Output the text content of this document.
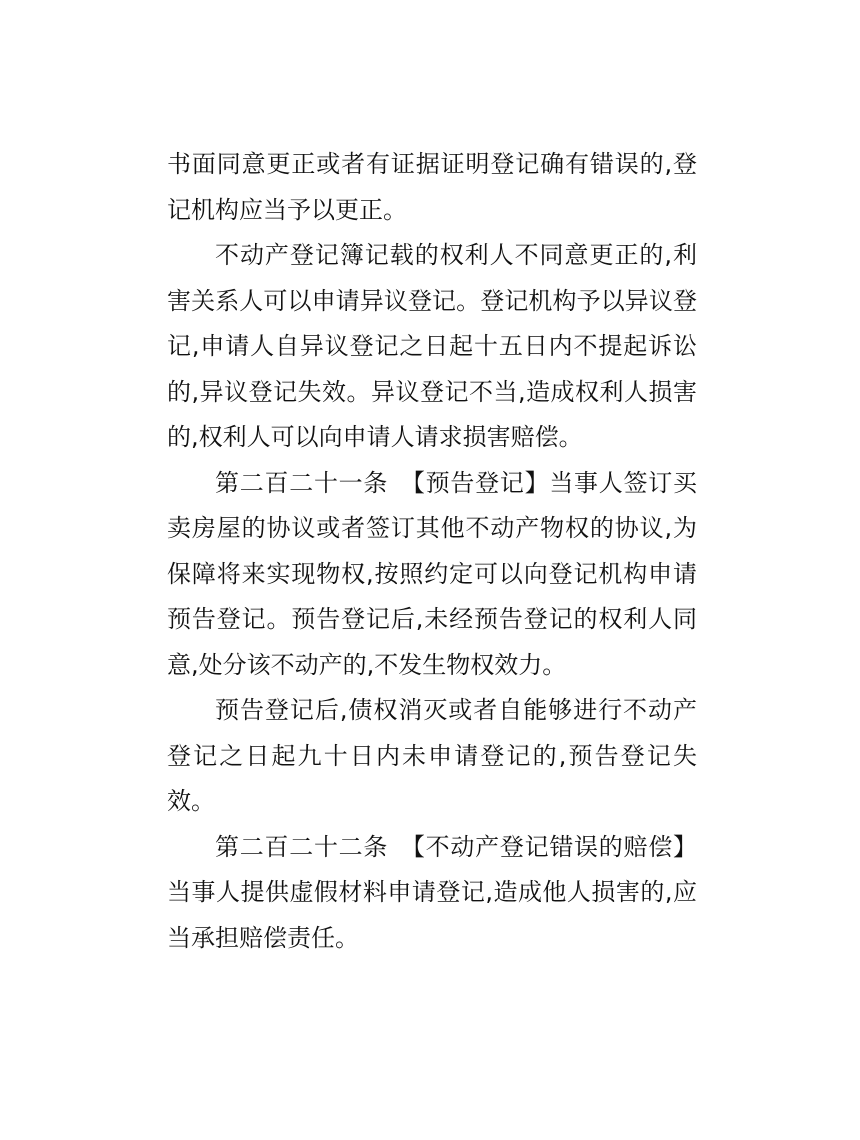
书面同意更正或者有证据证明登记确有错误的,登记机构应当予以更正。

不动产登记簿记载的权利人不同意更正的,利害关系人可以申请异议登记。登记机构予以异议登记,申请人自异议登记之日起十五日内不提起诉讼的,异议登记失效。异议登记不当,造成权利人损害的,权利人可以向申请人请求损害赔偿。

第二百二十一条　【预告登记】当事人签订买卖房屋的协议或者签订其他不动产物权的协议,为保障将来实现物权,按照约定可以向登记机构申请预告登记。预告登记后,未经预告登记的权利人同意,处分该不动产的,不发生物权效力。

预告登记后,债权消灭或者自能够进行不动产登记之日起九十日内未申请登记的,预告登记失效。

第二百二十二条　【不动产登记错误的赔偿】当事人提供虚假材料申请登记,造成他人损害的,应当承担赔偿责任。
